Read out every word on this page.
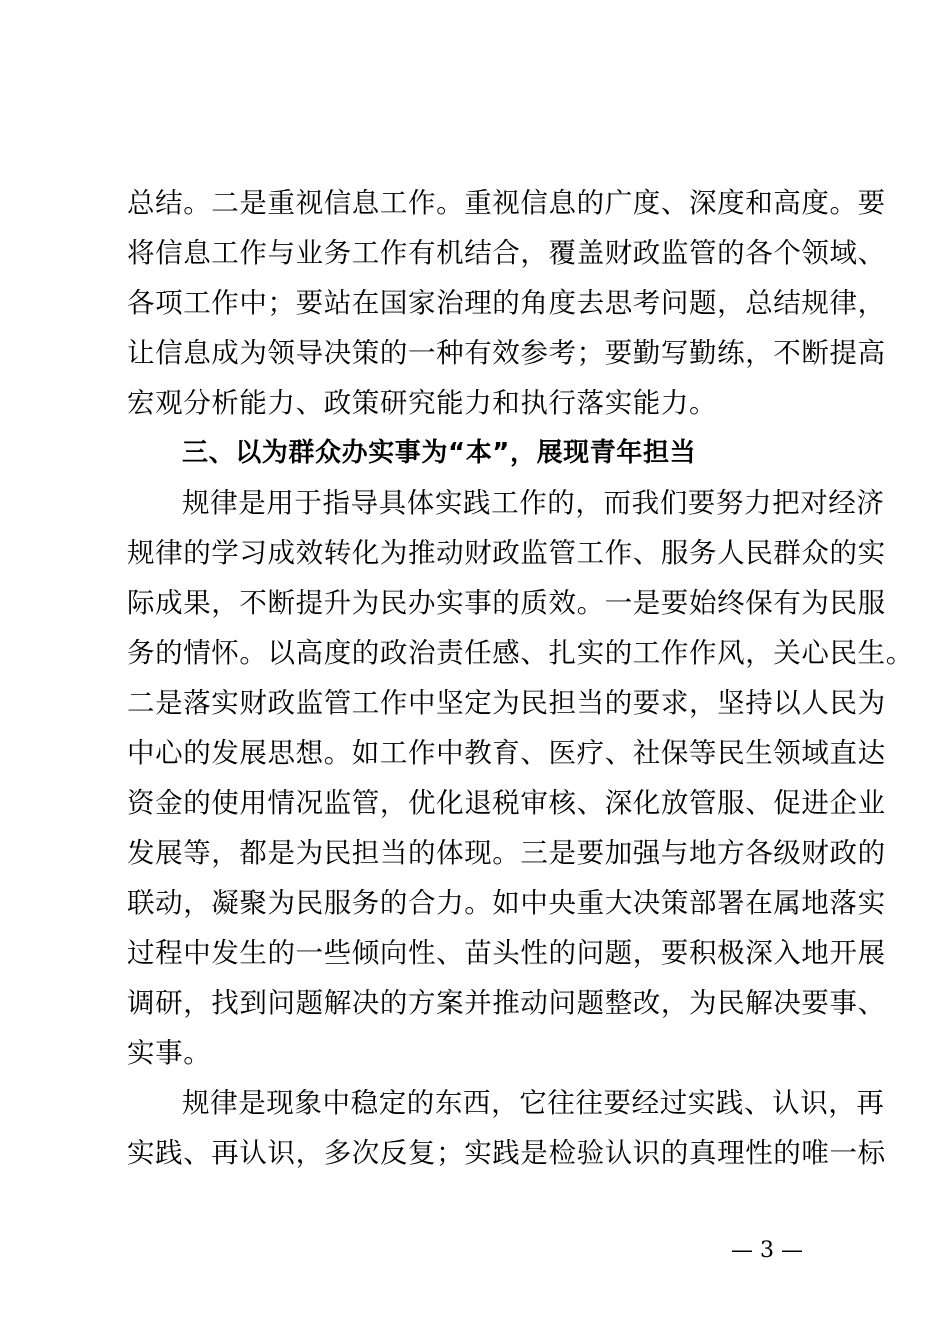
总结。二是重视信息工作。重视信息的广度、深度和高度。要
将信息工作与业务工作有机结合，覆盖财政监管的各个领域、
各项工作中；要站在国家治理的角度去思考问题，总结规律，
让信息成为领导决策的一种有效参考；要勤写勤练，不断提高
宏观分析能力、政策研究能力和执行落实能力。
三、以为群众办实事为“本”，展现青年担当
规律是用于指导具体实践工作的，而我们要努力把对经济
规律的学习成效转化为推动财政监管工作、服务人民群众的实
际成果，不断提升为民办实事的质效。一是要始终保有为民服
务的情怀。以高度的政治责任感、扎实的工作作风，关心民生。
二是落实财政监管工作中坚定为民担当的要求，坚持以人民为
中心的发展思想。如工作中教育、医疗、社保等民生领域直达
资金的使用情况监管，优化退税审核、深化放管服、促进企业
发展等，都是为民担当的体现。三是要加强与地方各级财政的
联动，凝聚为民服务的合力。如中央重大决策部署在属地落实
过程中发生的一些倾向性、苗头性的问题，要积极深入地开展
调研，找到问题解决的方案并推动问题整改，为民解决要事、
实事。
规律是现象中稳定的东西，它往往要经过实践、认识，再
实践、再认识，多次反复；实践是检验认识的真理性的唯一标
— 3 —
